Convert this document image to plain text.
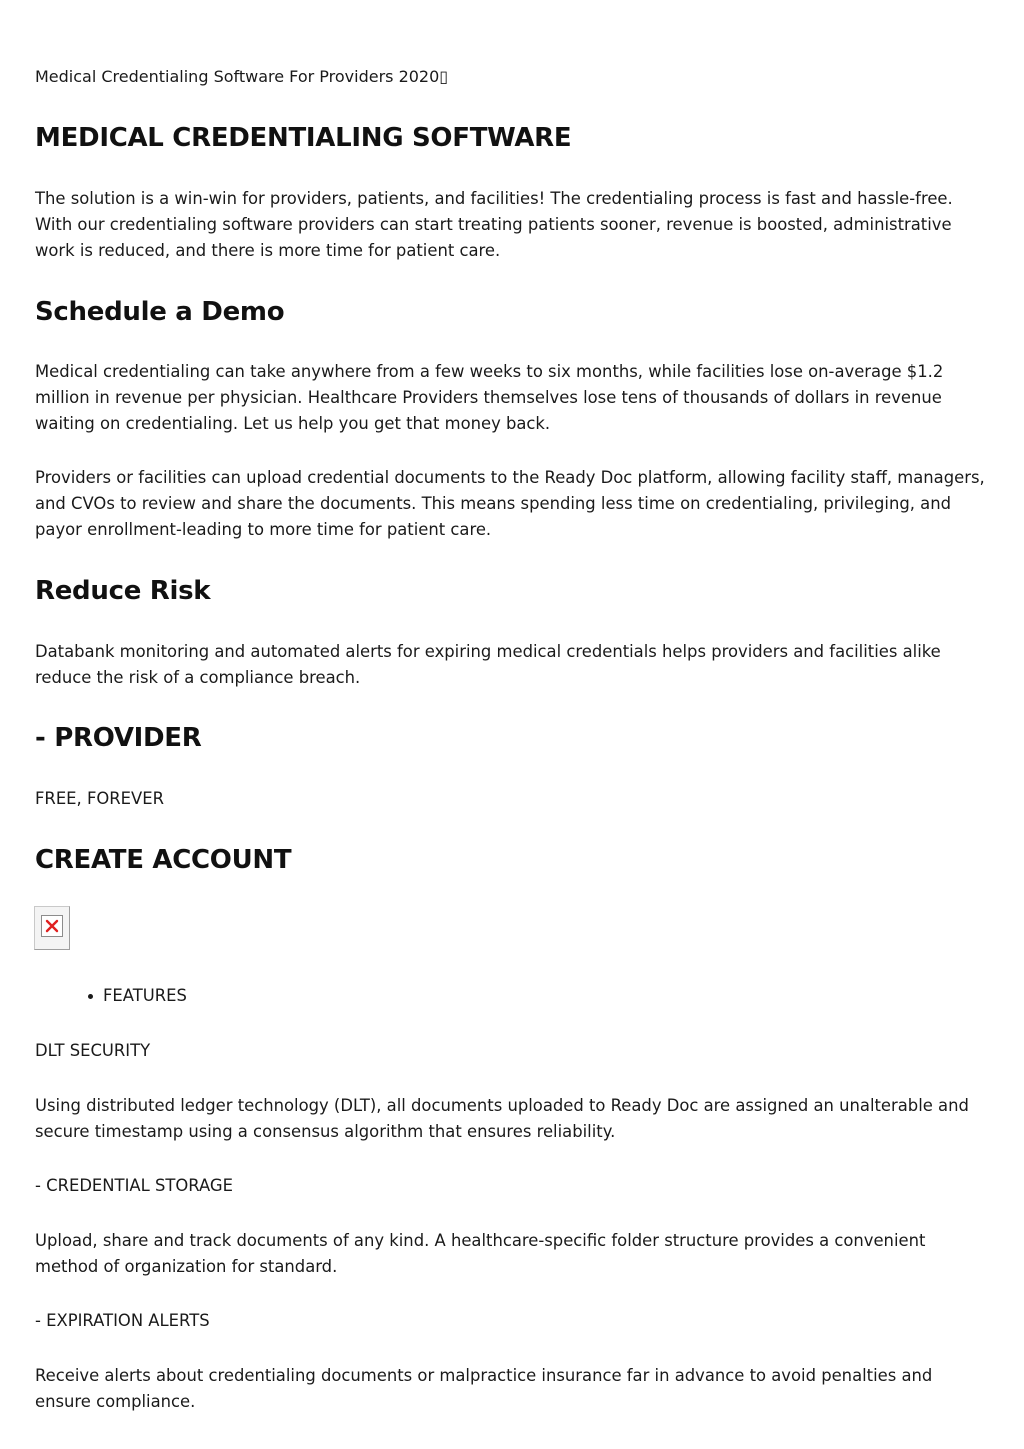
Medical Credentialing Software For Providers 2020▯

MEDICAL CREDENTIALING SOFTWARE

The solution is a win-win for providers, patients, and facilities! The credentialing process is fast and hassle-free. With our credentialing software providers can start treating patients sooner, revenue is boosted, administrative work is reduced, and there is more time for patient care.

Schedule a Demo

Medical credentialing can take anywhere from a few weeks to six months, while facilities lose on-average $1.2 million in revenue per physician. Healthcare Providers themselves lose tens of thousands of dollars in revenue waiting on credentialing. Let us help you get that money back.

Providers or facilities can upload credential documents to the Ready Doc platform, allowing facility staff, managers, and CVOs to review and share the documents. This means spending less time on credentialing, privileging, and payor enrollment-leading to more time for patient care.

Reduce Risk

Databank monitoring and automated alerts for expiring medical credentials helps providers and facilities alike reduce the risk of a compliance breach.

- PROVIDER

FREE, FOREVER

CREATE ACCOUNT
FEATURES

DLT SECURITY

Using distributed ledger technology (DLT), all documents uploaded to Ready Doc are assigned an unalterable and secure timestamp using a consensus algorithm that ensures reliability.

- CREDENTIAL STORAGE

Upload, share and track documents of any kind. A healthcare-specific folder structure provides a convenient method of organization for standard.

- EXPIRATION ALERTS

Receive alerts about credentialing documents or malpractice insurance far in advance to avoid penalties and ensure compliance.
